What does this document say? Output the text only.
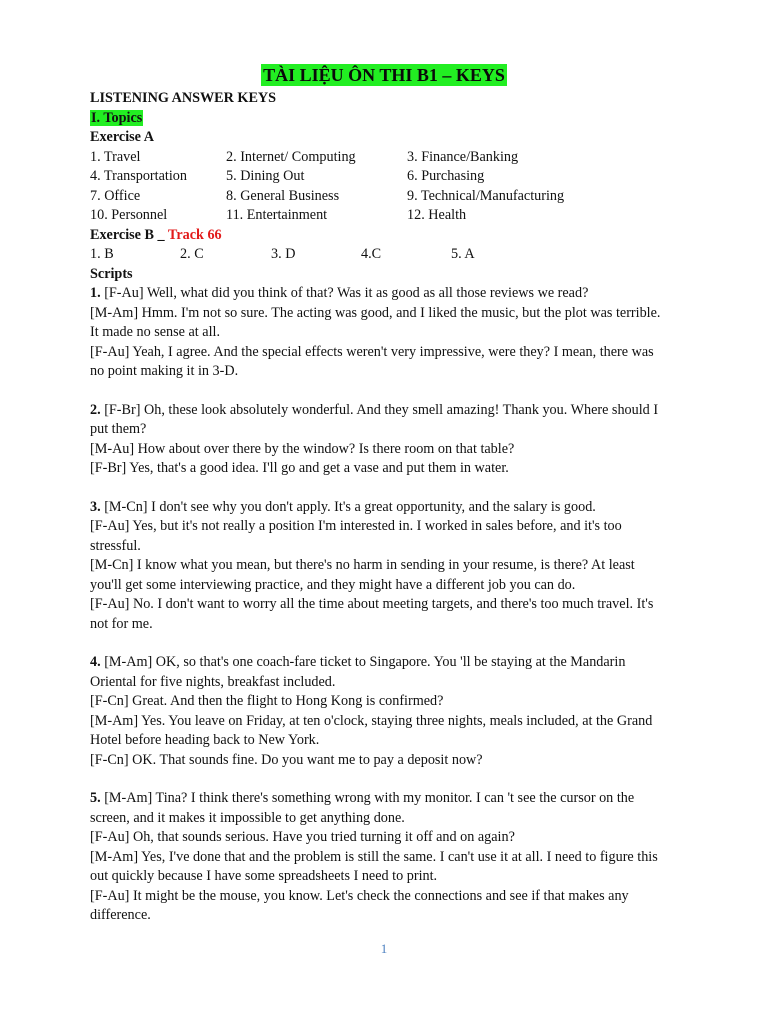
TÀI LIỆU ÔN THI B1 – KEYS
LISTENING ANSWER KEYS
I. Topics
Exercise A
1. Travel	2. Internet/ Computing	3. Finance/Banking
4. Transportation	5. Dining Out	6. Purchasing
7. Office	8. General Business	9. Technical/Manufacturing
10. Personnel	11. Entertainment	12. Health
Exercise B _ Track 66
1. B	2. C	3. D	4.C	5. A
Scripts
1. [F-Au] Well, what did you think of that? Was it as good as all those reviews we read?
[M-Am] Hmm. I'm not so sure. The acting was good, and I liked the music, but the plot was terrible.
It made no sense at all.
[F-Au] Yeah, I agree. And the special effects weren't very impressive, were they? I mean, there was
no point making it in 3-D.
2. [F-Br] Oh, these look absolutely wonderful. And they smell amazing! Thank you. Where should I
put them?
[M-Au] How about over there by the window? Is there room on that table?
[F-Br] Yes, that's a good idea. I'll go and get a vase and put them in water.
3. [M-Cn] I don't see why you don't apply. It's a great opportunity, and the salary is good.
[F-Au] Yes, but it's not really a position I'm interested in. I worked in sales before, and it's too
stressful.
[M-Cn] I know what you mean, but there's no harm in sending in your resume, is there? At least
you'll get some interviewing practice, and they might have a different job you can do.
[F-Au] No. I don't want to worry all the time about meeting targets, and there's too much travel. It's
not for me.
4. [M-Am] OK, so that's one coach-fare ticket to Singapore. You 'll be staying at the Mandarin
Oriental for five nights, breakfast included.
[F-Cn] Great. And then the flight to Hong Kong is confirmed?
[M-Am] Yes. You leave on Friday, at ten o'clock, staying three nights, meals included, at the Grand
Hotel before heading back to New York.
[F-Cn] OK. That sounds fine. Do you want me to pay a deposit now?
5. [M-Am] Tina? I think there's something wrong with my monitor. I can 't see the cursor on the
screen, and it makes it impossible to get anything done.
[F-Au] Oh, that sounds serious. Have you tried turning it off and on again?
[M-Am] Yes, I've done that and the problem is still the same. I can't use it at all. I need to figure this
out quickly because I have some spreadsheets I need to print.
[F-Au] It might be the mouse, you know. Let's check the connections and see if that makes any
difference.
1
